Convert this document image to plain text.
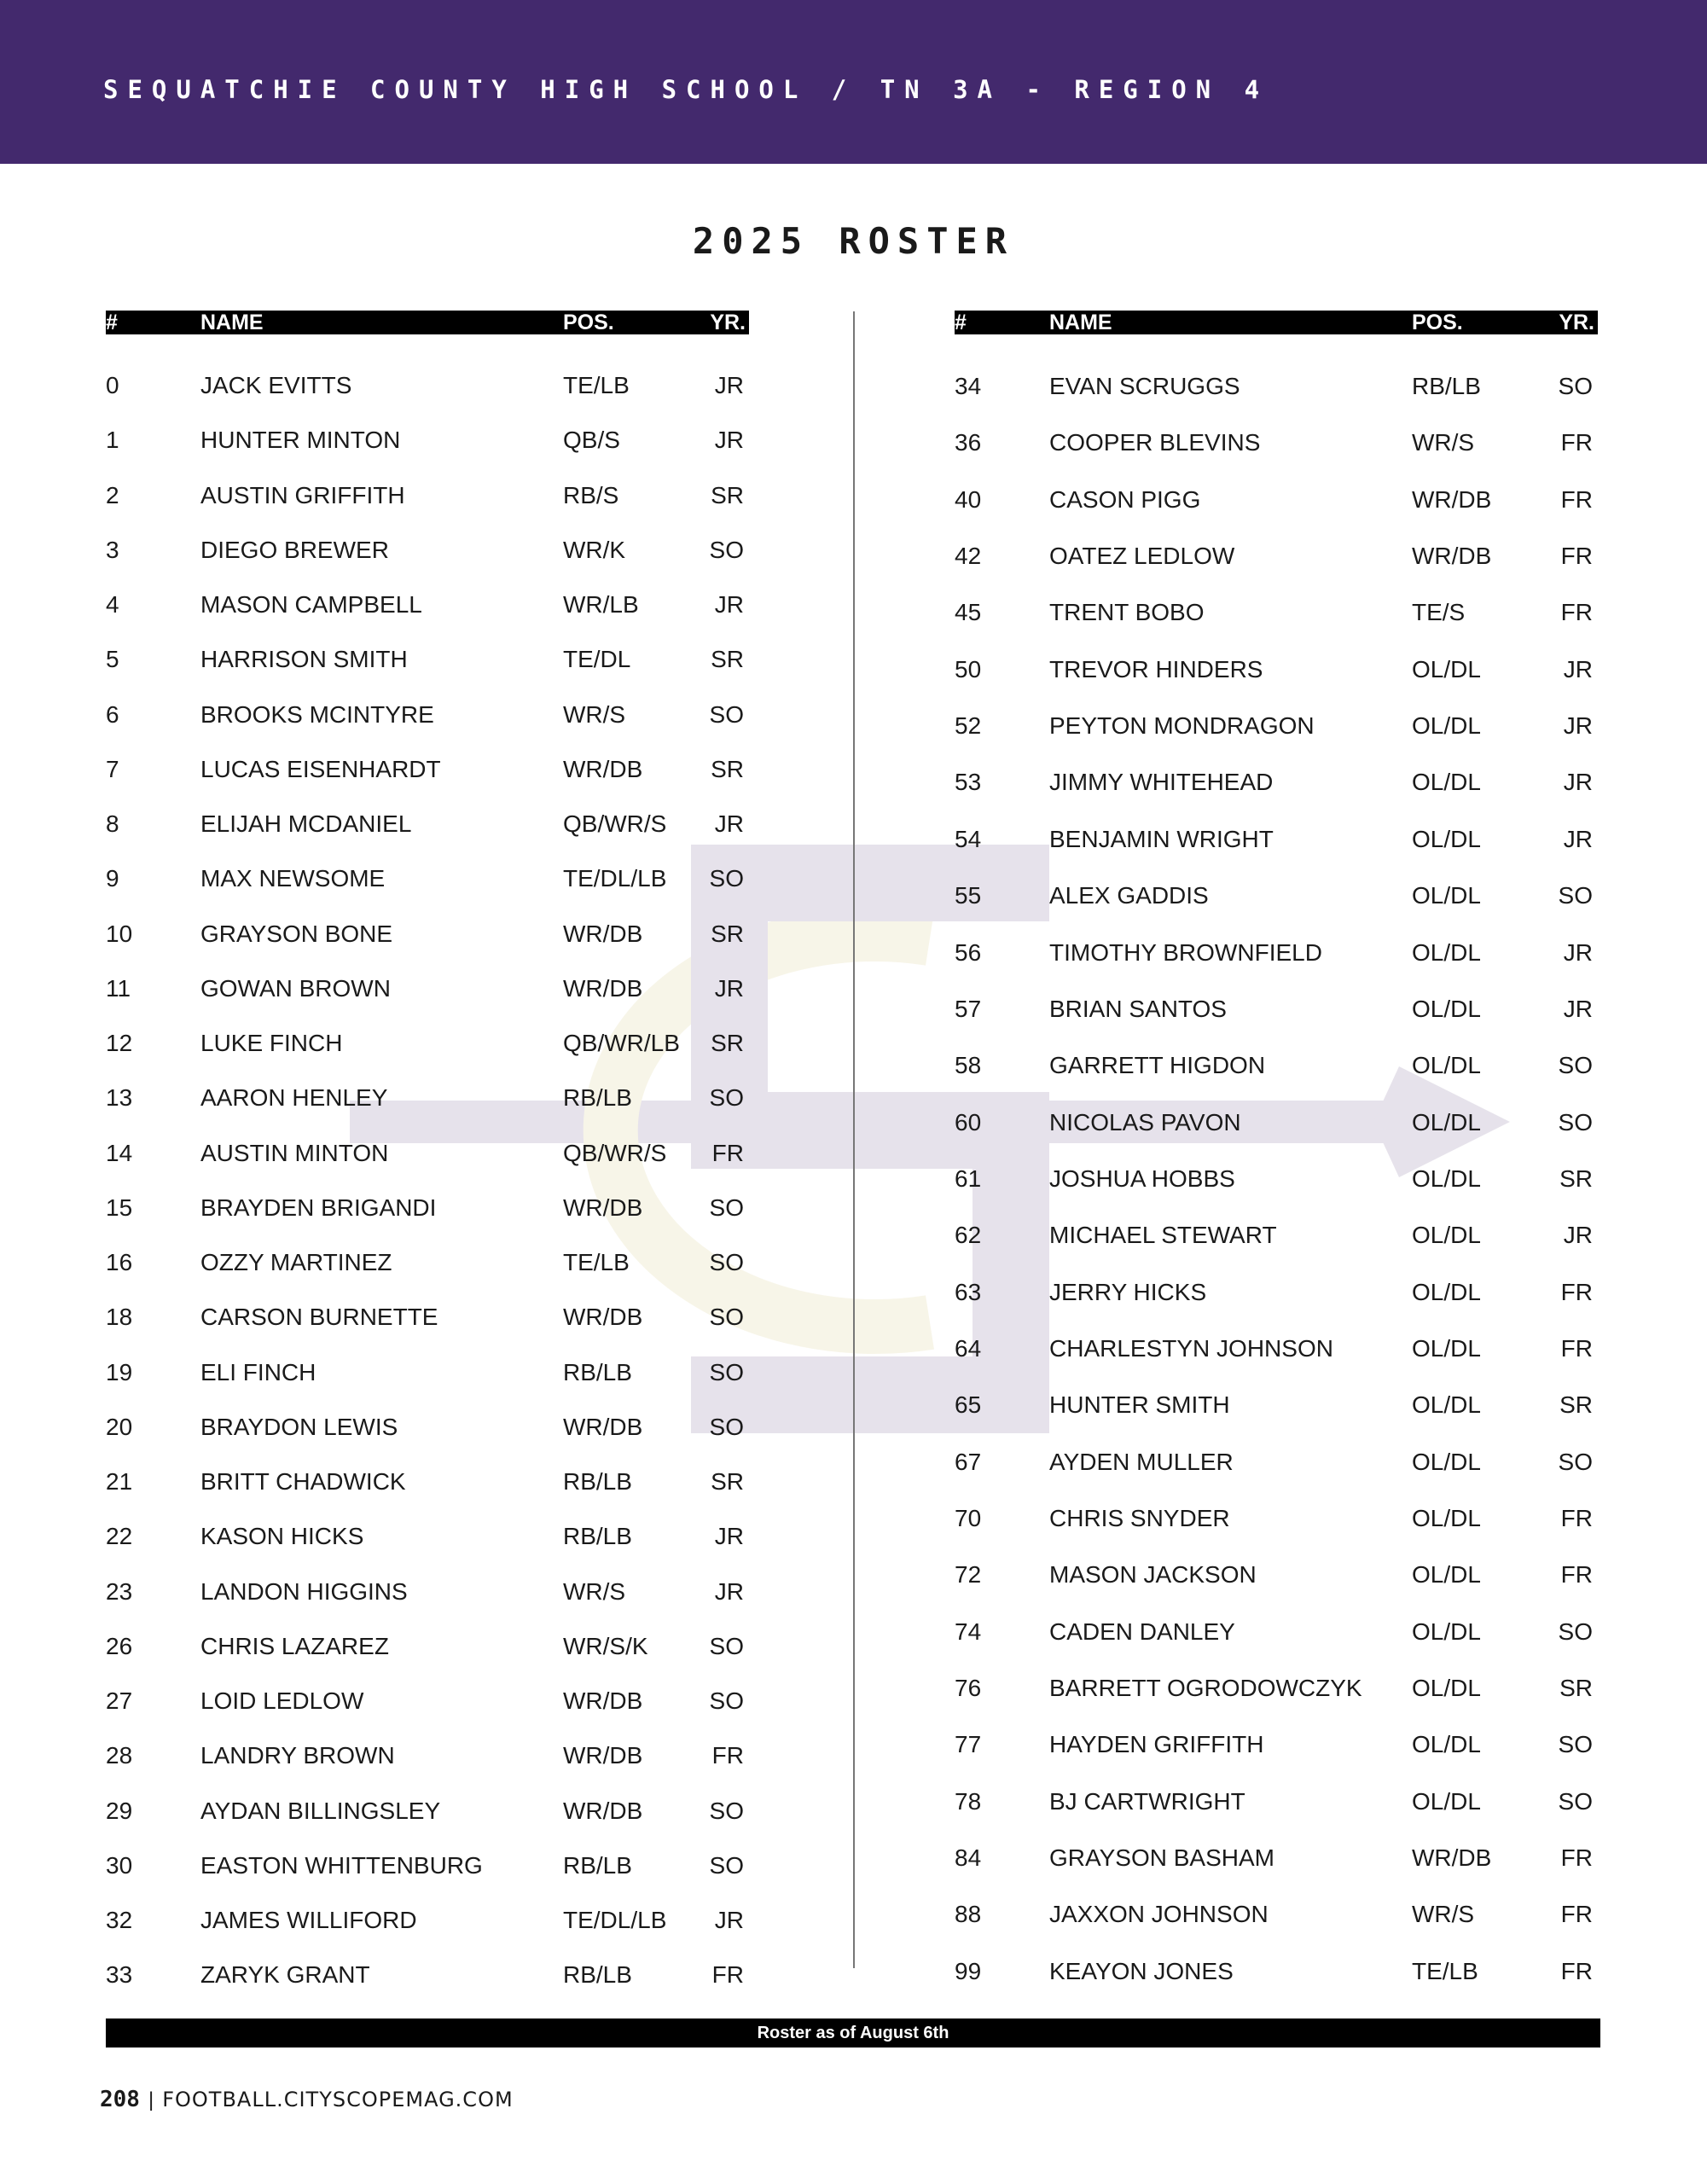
SEQUATCHIE COUNTY HIGH SCHOOL / TN 3A - REGION 4
2025 ROSTER
#	NAME	POS.	YR.
0	JACK EVITTS	TE/LB	JR
1	HUNTER MINTON	QB/S	JR
2	AUSTIN GRIFFITH	RB/S	SR
3	DIEGO BREWER	WR/K	SO
4	MASON CAMPBELL	WR/LB	JR
5	HARRISON SMITH	TE/DL	SR
6	BROOKS MCINTYRE	WR/S	SO
7	LUCAS EISENHARDT	WR/DB	SR
8	ELIJAH MCDANIEL	QB/WR/S JR
9	MAX NEWSOME	TE/DL/LB SO
10	GRAYSON BONE	WR/DB	SR
11	GOWAN BROWN	WR/DB	JR
12	LUKE FINCH	QB/WR/LB SR
13	AARON HENLEY	RB/LB	SO
14	AUSTIN MINTON	QB/WR/S FR
15	BRAYDEN BRIGANDI	WR/DB	SO
16	OZZY MARTINEZ	TE/LB	SO
18	CARSON BURNETTE	WR/DB	SO
19	ELI FINCH	RB/LB	SO
20	BRAYDON LEWIS	WR/DB	SO
21	BRITT CHADWICK	RB/LB	SR
22	KASON HICKS	RB/LB	JR
23	LANDON HIGGINS	WR/S	JR
26	CHRIS LAZAREZ	WR/S/K	SO
27	LOID LEDLOW	WR/DB	SO
28	LANDRY BROWN	WR/DB	FR
29	AYDAN BILLINGSLEY	WR/DB	SO
30	EASTON WHITTENBURG	RB/LB	SO
32	JAMES WILLIFORD	TE/DL/LB JR
33	ZARYK GRANT	RB/LB	FR
#	NAME	POS.	YR.
34	EVAN SCRUGGS	RB/LB	SO
36	COOPER BLEVINS	WR/S	FR
40	CASON PIGG	WR/DB	FR
42	OATEZ LEDLOW	WR/DB	FR
45	TRENT BOBO	TE/S	FR
50	TREVOR HINDERS	OL/DL	JR
52	PEYTON MONDRAGON	OL/DL	JR
53	JIMMY WHITEHEAD	OL/DL	JR
54	BENJAMIN WRIGHT	OL/DL	JR
55	ALEX GADDIS	OL/DL	SO
56	TIMOTHY BROWNFIELD	OL/DL	JR
57	BRIAN SANTOS	OL/DL	JR
58	GARRETT HIGDON	OL/DL	SO
60	NICOLAS PAVON	OL/DL	SO
61	JOSHUA HOBBS	OL/DL	SR
62	MICHAEL STEWART	OL/DL	JR
63	JERRY HICKS	OL/DL	FR
64	CHARLESTYN JOHNSON	OL/DL	FR
65	HUNTER SMITH	OL/DL	SR
67	AYDEN MULLER	OL/DL	SO
70	CHRIS SNYDER	OL/DL	FR
72	MASON JACKSON	OL/DL	FR
74	CADEN DANLEY	OL/DL	SO
76	BARRETT OGRODOWCZYK OL/DL	SR
77	HAYDEN GRIFFITH	OL/DL	SO
78	BJ CARTWRIGHT	OL/DL	SO
84	GRAYSON BASHAM	WR/DB	FR
88	JAXXON JOHNSON	WR/S	FR
99	KEAYON JONES	TE/LB	FR
Roster as of August 6th
208 | FOOTBALL.CITYSCOPEMAG.COM
